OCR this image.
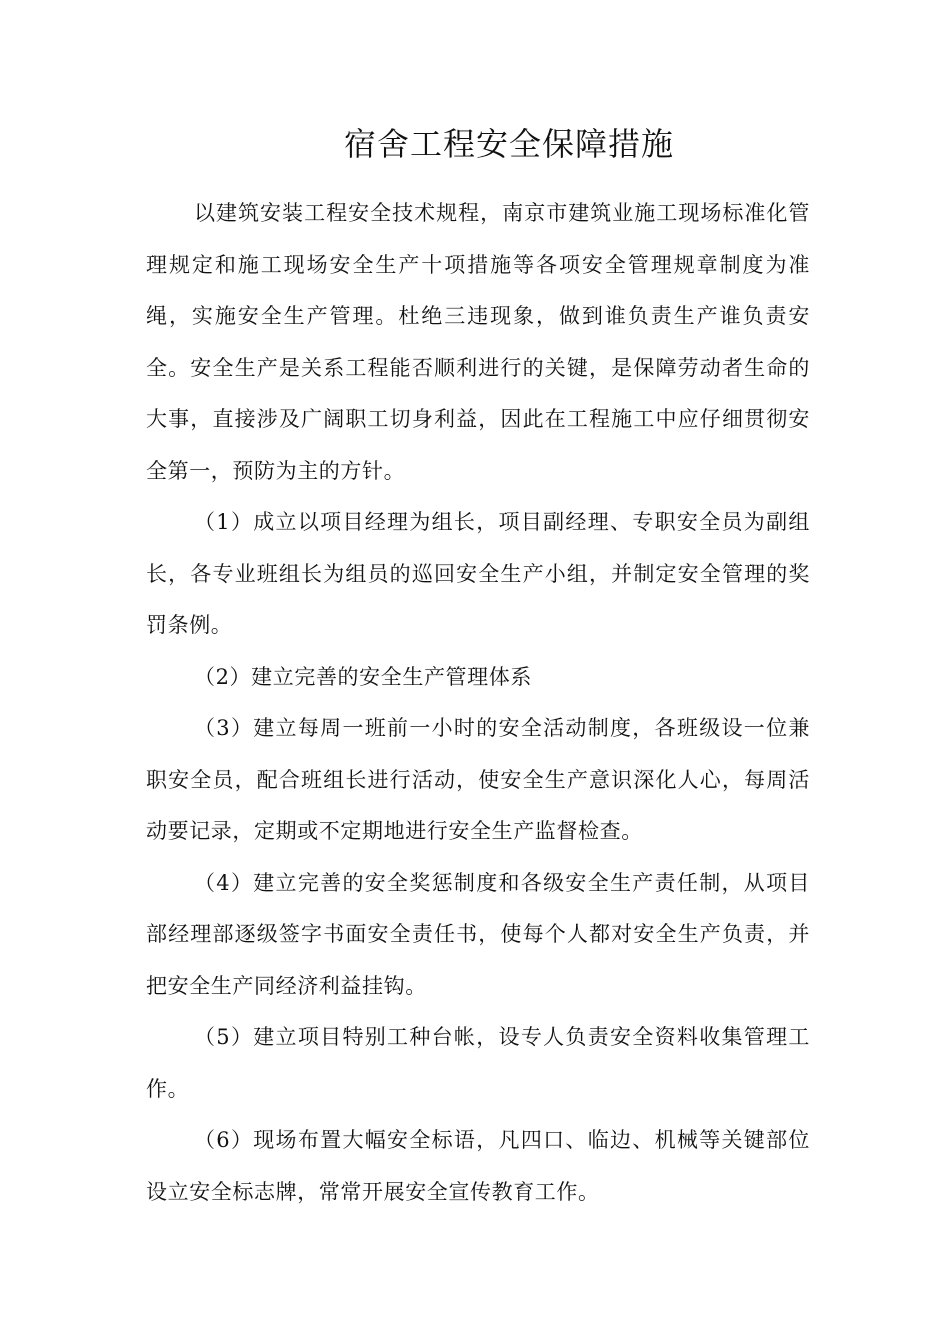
宿舍工程安全保障措施

以建筑安装工程安全技术规程，南京市建筑业施工现场标准化管理规定和施工现场安全生产十项措施等各项安全管理规章制度为准绳，实施安全生产管理。杜绝三违现象，做到谁负责生产谁负责安全。安全生产是关系工程能否顺利进行的关键，是保障劳动者生命的大事，直接涉及广阔职工切身利益，因此在工程施工中应仔细贯彻安全第一，预防为主的方针。

（1）成立以项目经理为组长，项目副经理、专职安全员为副组长，各专业班组长为组员的巡回安全生产小组，并制定安全管理的奖罚条例。

（2）建立完善的安全生产管理体系

（3）建立每周一班前一小时的安全活动制度，各班级设一位兼职安全员，配合班组长进行活动，使安全生产意识深化人心，每周活动要记录，定期或不定期地进行安全生产监督检查。

（4）建立完善的安全奖惩制度和各级安全生产责任制，从项目部经理部逐级签字书面安全责任书，使每个人都对安全生产负责，并把安全生产同经济利益挂钩。

（5）建立项目特别工种台帐，设专人负责安全资料收集管理工作。

（6）现场布置大幅安全标语，凡四口、临边、机械等关键部位设立安全标志牌，常常开展安全宣传教育工作。
